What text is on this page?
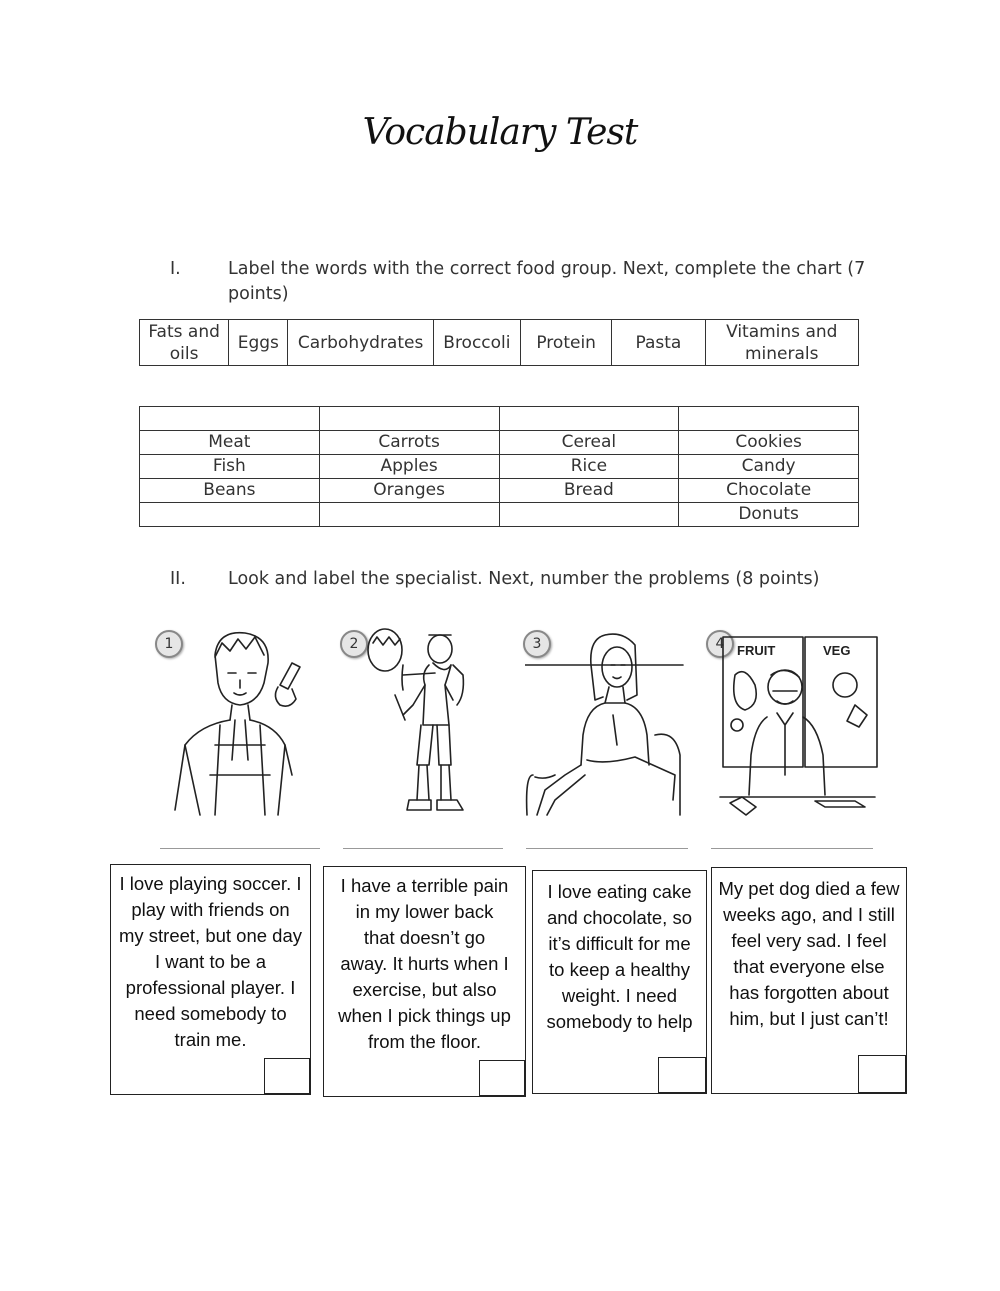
Vocabulary Test
I.	Label the words with the correct food group. Next, complete the chart (7
points)
Fats and oils	Eggs	Carbohydrates	Broccoli	Protein	Pasta	Vitamins and minerals

Meat	Carrots	Cereal	Cookies
Fish	Apples	Rice	Candy
Beans	Oranges	Bread	Chocolate
			Donuts
II. Look and label the specialist. Next, number the problems (8 points)
1	2	3	4 FRUIT	VEG
I love playing soccer. I play with friends on my street, but one day I want to be a professional player. I need somebody to train me.
I have a terrible pain in my lower back that doesn’t go away. It hurts when I exercise, but also when I pick things up from the floor.
I love eating cake and chocolate, so it’s difficult for me to keep a healthy weight. I need somebody to help
My pet dog died a few weeks ago, and I still feel very sad. I feel that everyone else has forgotten about him, but I just can’t!
